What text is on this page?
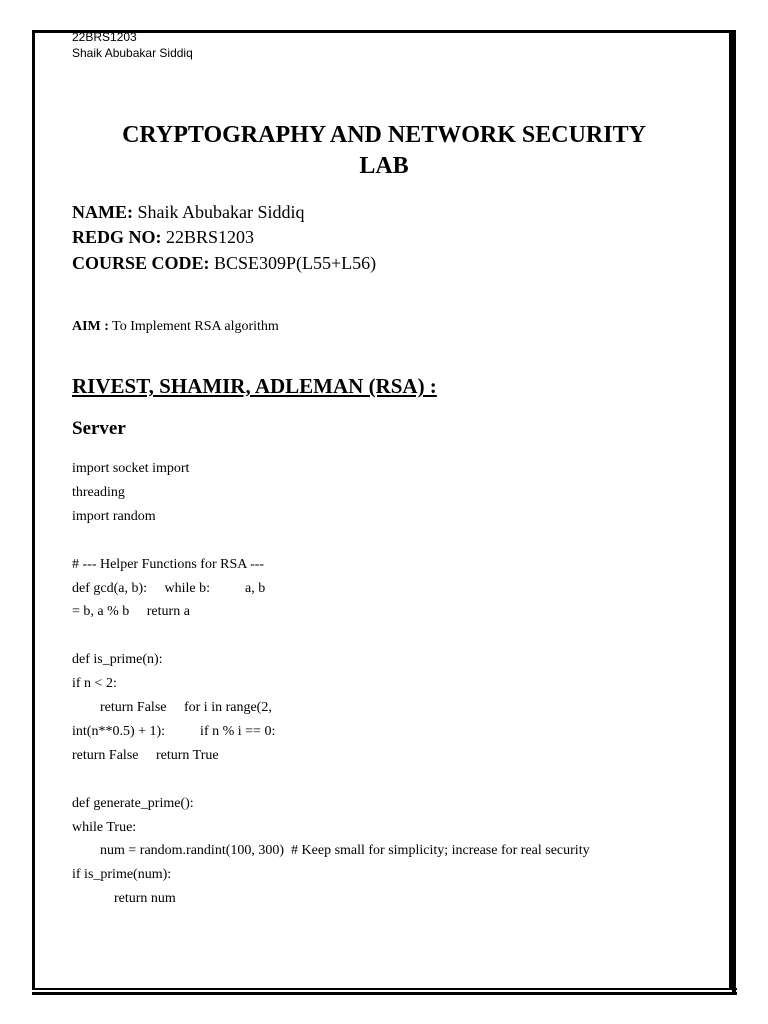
22BRS1203
Shaik Abubakar Siddiq
CRYPTOGRAPHY AND NETWORK SECURITY
LAB
NAME: Shaik Abubakar Siddiq
REDG NO: 22BRS1203
COURSE CODE: BCSE309P(L55+L56)
AIM : To Implement RSA algorithm
RIVEST, SHAMIR, ADLEMAN (RSA) :
Server
import socket import
threading
import random
# --- Helper Functions for RSA ---
def gcd(a, b):     while b:          a, b
= b, a % b     return a
def is_prime(n):
if n < 2:
return False     for i in range(2,
int(n**0.5) + 1):          if n % i == 0:
return False     return True
def generate_prime():
while True:
num = random.randint(100, 300)  # Keep small for simplicity; increase for real security
if is_prime(num):
return num
